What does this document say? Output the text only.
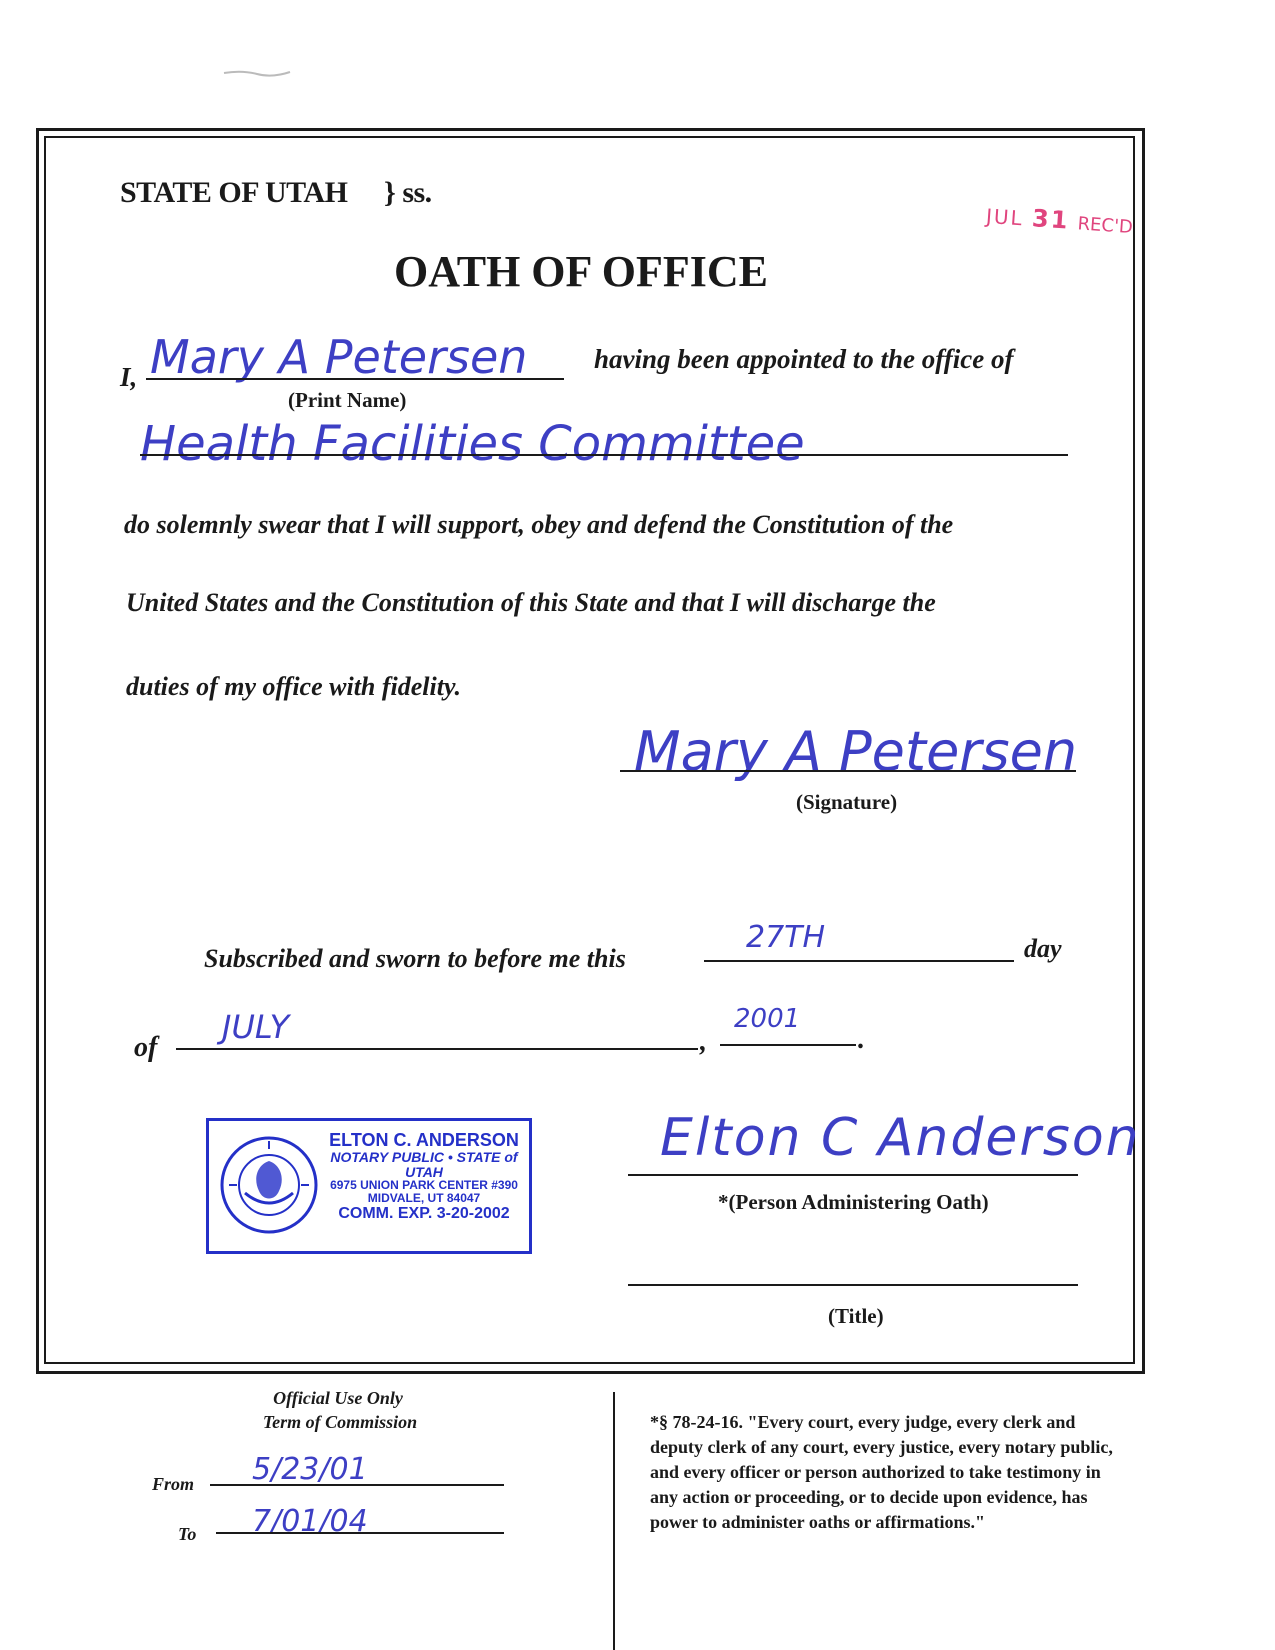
STATE OF UTAH } ss.
JUL 31 REC'D
OATH OF OFFICE
I, Mary A Petersen
(Print Name)
having been appointed to the office of
Health Facilities Committee
do solemnly swear that I will support, obey and defend the Constitution of the
United States and the Constitution of this State and that I will discharge the
duties of my office with fidelity.
Mary A Petersen
(Signature)
Subscribed and sworn to before me this
27TH	day
of
JULY	,
2001
.
ELTON C. ANDERSON
NOTARY PUBLIC • STATE of UTAH
6975 UNION PARK CENTER #390
MIDVALE, UT 84047
COMM. EXP. 3-20-2002
Elton C Anderson
*(Person Administering Oath)
(Title)
Official Use Only
Term of Commission
From 5/23/01
To 7/01/04
*§ 78-24-16. "Every court, every judge, every clerk and
deputy clerk of any court, every justice, every notary public,
and every officer or person authorized to take testimony in
any action or proceeding, or to decide upon evidence, has
power to administer oaths or affirmations."
